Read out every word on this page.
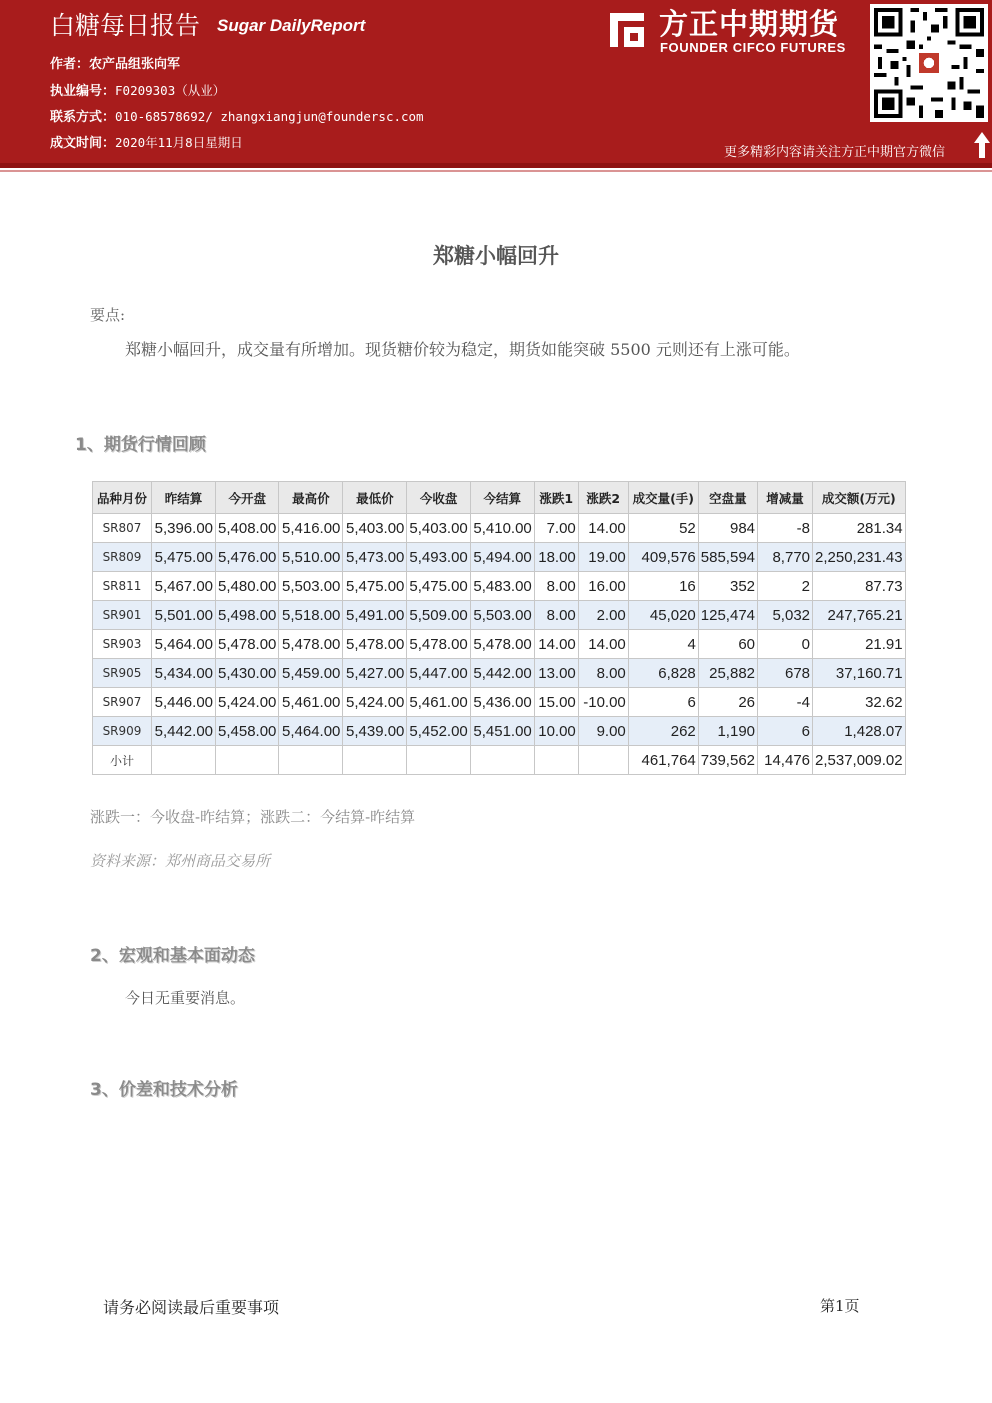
白糖每日报告 Sugar DailyReport
作者：农产品组张向军
执业编号：F0209303（从业）
联系方式：010-68578692/ zhangxiangjun@foundersc.com
成文时间：2020年11月8日星期日
方正中期期货
FOUNDER CIFCO FUTURES
更多精彩内容请关注方正中期官方微信
郑糖小幅回升
要点:
郑糖小幅回升，成交量有所增加。现货糖价较为稳定，期货如能突破 5500 元则还有上涨可能。
1、期货行情回顾
品种月份	昨结算	今开盘	最高价	最低价	今收盘	今结算	涨跌1	涨跌2	成交量(手)	空盘量	增减量	成交额(万元)
SR807	5,396.00	5,408.00	5,416.00	5,403.00	5,403.00	5,410.00	7.00	14.00	52	984	-8	281.34
SR809	5,475.00	5,476.00	5,510.00	5,473.00	5,493.00	5,494.00	18.00	19.00	409,576	585,594	8,770	2,250,231.43
SR811	5,467.00	5,480.00	5,503.00	5,475.00	5,475.00	5,483.00	8.00	16.00	16	352	2	87.73
SR901	5,501.00	5,498.00	5,518.00	5,491.00	5,509.00	5,503.00	8.00	2.00	45,020	125,474	5,032	247,765.21
SR903	5,464.00	5,478.00	5,478.00	5,478.00	5,478.00	5,478.00	14.00	14.00	4	60	0	21.91
SR905	5,434.00	5,430.00	5,459.00	5,427.00	5,447.00	5,442.00	13.00	8.00	6,828	25,882	678	37,160.71
SR907	5,446.00	5,424.00	5,461.00	5,424.00	5,461.00	5,436.00	15.00	-10.00	6	26	-4	32.62
SR909	5,442.00	5,458.00	5,464.00	5,439.00	5,452.00	5,451.00	10.00	9.00	262	1,190	6	1,428.07
小计									461,764	739,562	14,476	2,537,009.02
涨跌一：今收盘-昨结算；涨跌二：今结算-昨结算
资料来源：郑州商品交易所
2、宏观和基本面动态
今日无重要消息。
3、价差和技术分析
请务必阅读最后重要事项	第1页
